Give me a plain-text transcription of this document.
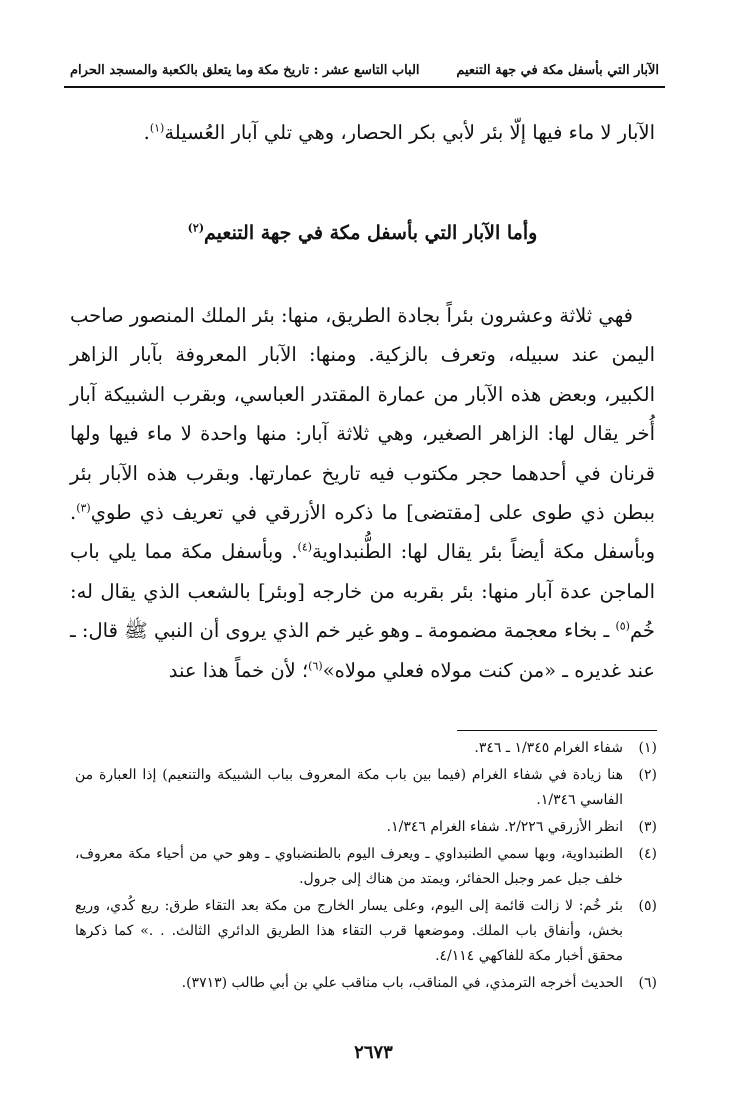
الآبار التي بأسفل مكة في جهة التنعيم
الباب التاسع عشر : تاريخ مكة وما يتعلق بالكعبة والمسجد الحرام

الآبار لا ماء فيها إلّا بئر لأبي بكر الحصار، وهي تلي آبار العُسيلة$^{(١)}$.

وأما الآبار التي بأسفل مكة في جهة التنعيم$^{(٢)}$

فهي ثلاثة وعشرون بئراً بجادة الطريق، منها: بئر الملك المنصور صاحب اليمن عند سبيله، وتعرف بالزكية. ومنها: الآبار المعروفة بآبار الزاهر الكبير، وبعض هذه الآبار من عمارة المقتدر العباسي، وبقرب الشبيكة آبار أُخر يقال لها: الزاهر الصغير، وهي ثلاثة آبار: منها واحدة لا ماء فيها ولها قرنان في أحدهما حجر مكتوب فيه تاريخ عمارتها. وبقرب هذه الآبار بئر ببطن ذي طوى على [مقتضى] ما ذكره الأزرقي في تعريف ذي طوي$^{(٣)}$. وبأسفل مكة أيضاً بئر يقال لها: الطُّنبداوية$^{(٤)}$. وبأسفل مكة مما يلي باب الماجن عدة آبار منها: بئر بقربه من خارجه [وبئر] بالشعب الذي يقال له: خُم$^{(٥)}$ ـ بخاء معجمة مضمومة ـ وهو غير خم الذي يروى أن النبي ﷺ قال: ـ عند غديره ـ «من كنت مولاه فعلي مولاه»$^{(٦)}$؛ لأن خماً هذا عند

(١)
شفاء الغرام ١/٣٤٥ ـ ٣٤٦.
(٢)
هنا زيادة في شفاء الغرام (فيما بين باب مكة المعروف بباب الشبيكة والتنعيم) إذا العبارة من الفاسي ١/٣٤٦.
(٣)
انظر الأزرقي ٢/٢٢٦. شفاء الغرام ١/٣٤٦.
(٤)
الطنبداوية، وبها سمي الطنبداوي ـ ويعرف اليوم بالطنضباوي ـ وهو حي من أحياء مكة معروف، خلف جبل عمر وجبل الحفائر، ويمتد من هناك إلى جرول.
(٥)
بئر خُم: لا زالت قائمة إلى اليوم، وعلى يسار الخارج من مكة بعد التقاء طرق: ريع كُدي، وريع بخش، وأنفاق باب الملك. وموضعها قرب التقاء هذا الطريق الدائري الثالث. . .» كما ذكرها محقق أخبار مكة للفاكهي ٤/١١٤.
(٦)
الحديث أخرجه الترمذي، في المناقب، باب مناقب علي بن أبي طالب (٣٧١٣).
٢٦٧٣
